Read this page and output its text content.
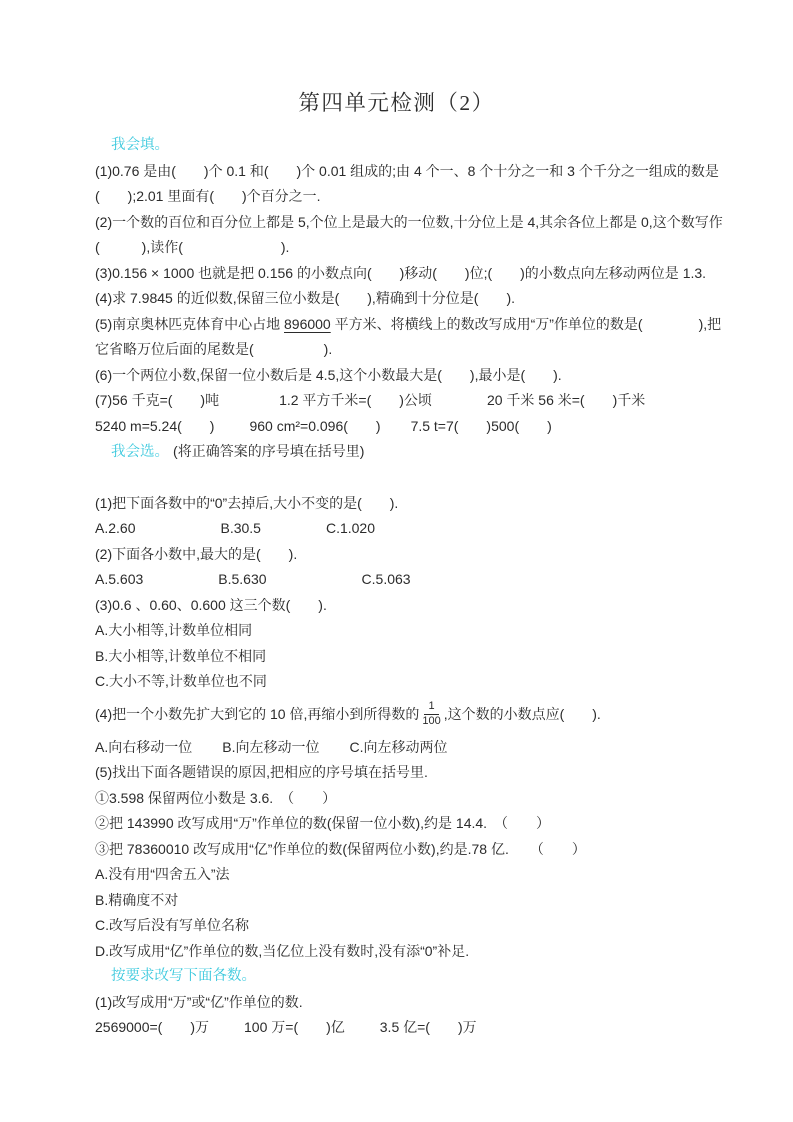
第四单元检测（2）
我会填。
(1)0.76 是由(　　)个 0.1 和(　　)个 0.01 组成的;由 4 个一、8 个十分之一和 3 个千分之一组成的数是
(　　);2.01 里面有(　　)个百分之一.
(2)一个数的百位和百分位上都是 5,个位上是最大的一位数,十分位上是 4,其余各位上都是 0,这个数写作
(　　　),读作(　　　　　　　).
(3)0.156 × 1000 也就是把 0.156 的小数点向(　　)移动(　　)位;(　　)的小数点向左移动两位是 1.3.
(4)求 7.9845 的近似数,保留三位小数是(　　),精确到十分位是(　　).
(5)南京奥林匹克体育中心占地 896000 平方米、将横线上的数改写成用“万”作单位的数是(　　　　),把
它省略万位后面的尾数是(　　　　　).
(6)一个两位小数,保留一位小数后是 4.5,这个小数最大是(　　),最小是(　　).
(7)56 千克=(　　)吨	1.2 平方千米=(　　)公顷	20 千米 56 米=(　　)千米
5240 m=5.24(　　)	960 cm²=0.096(　　) 7.5 t=7(　　)500(　　)
我会选。 (将正确答案的序号填在括号里)
(1)把下面各数中的“0”去掉后,大小不变的是(　　).
A.2.60	B.30.5	C.1.020
(2)下面各小数中,最大的是(　　).
A.5.603	B.5.630	C.5.063
(3)0.6 、0.60、0.600 这三个数(　　).
A.大小相等,计数单位相同
B.大小相等,计数单位不相同
C.大小不等,计数单位也不同
(4)把一个小数先扩大到它的 10 倍,再缩小到所得数的 $\frac{1}{100}$ ,这个数的小数点应(　　).
A.向右移动一位 B.向左移动一位 C.向左移动两位
(5)找出下面各题错误的原因,把相应的序号填在括号里.
①3.598 保留两位小数是 3.6.　（　　）
②把 143990 改写成用“万”作单位的数(保留一位小数),约是 14.4.　（　　）
③把 78360010 改写成用“亿”作单位的数(保留两位小数),约是.78 亿.　　（　　）
A.没有用“四舍五入”法
B.精确度不对
C.改写后没有写单位名称
D.改写成用“亿”作单位的数,当亿位上没有数时,没有添“0”补足.
按要求改写下面各数。
(1)改写成用“万”或“亿”作单位的数.
2569000=(　　)万	100 万=(　　)亿	3.5 亿=(　　)万
